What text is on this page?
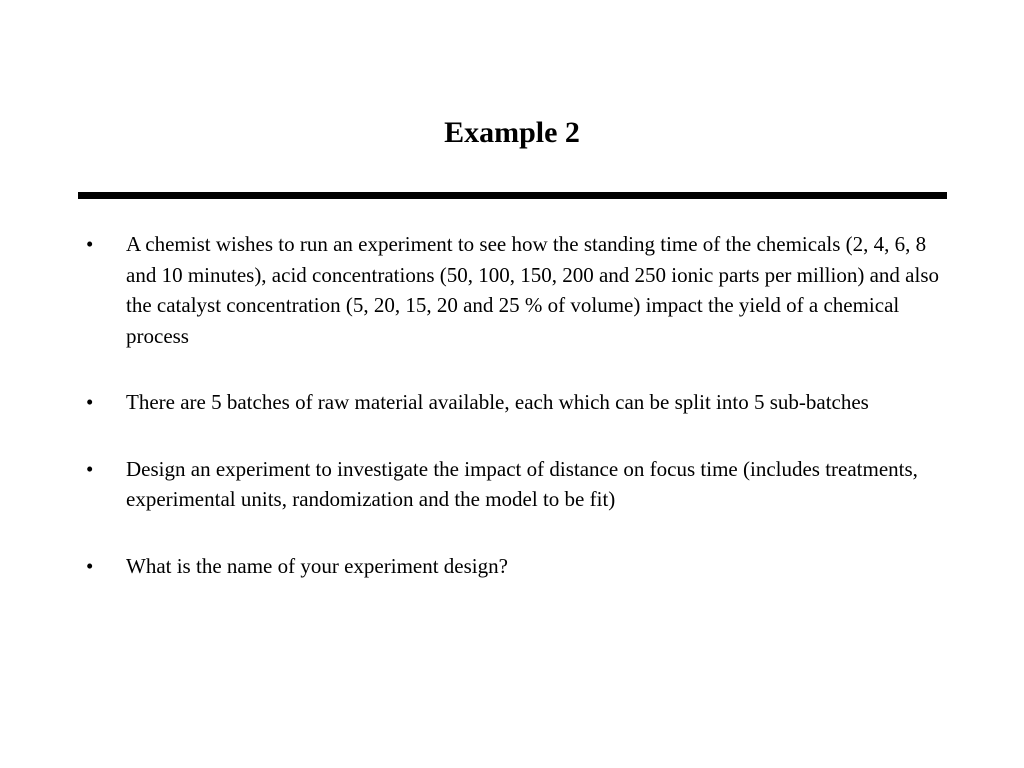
Example 2
• A chemist wishes to run an experiment to see how the standing time of the chemicals (2, 4, 6, 8 and 10 minutes), acid concentrations (50, 100, 150, 200 and 250 ionic parts per million) and also the catalyst concentration (5, 20, 15, 20 and 25 % of volume) impact the yield of a chemical process
• There are 5 batches of raw material available, each which can be split into 5 sub-batches
• Design an experiment to investigate the impact of distance on focus time (includes treatments, experimental units, randomization and the model to be fit)
• What is the name of your experiment design?
